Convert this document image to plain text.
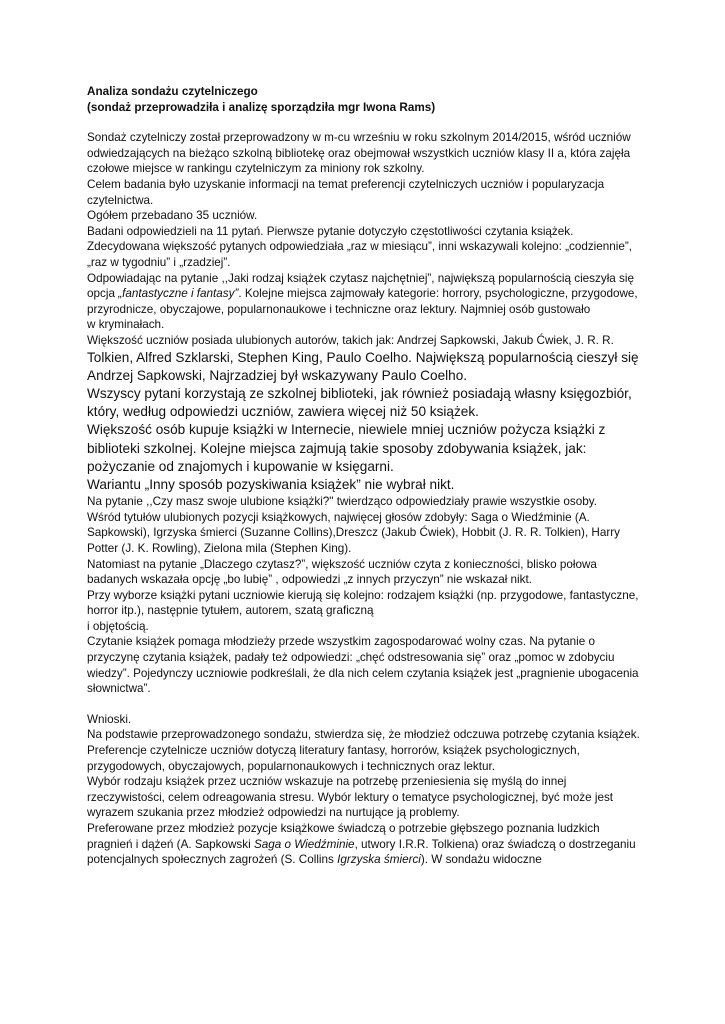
Analiza sondażu czytelniczego

(sondaż przeprowadziła i analizę sporządziła mgr Iwona Rams)

Sondaż czytelniczy został przeprowadzony w m-cu wrześniu w roku szkolnym 2014/2015, wśród uczniów odwiedzających na bieżąco szkolną bibliotekę oraz obejmował wszystkich uczniów klasy II a, która zajęła czołowe miejsce w rankingu czytelniczym za miniony rok szkolny.

Celem badania było uzyskanie informacji na temat preferencji czytelniczych uczniów i popularyzacja czytelnictwa.

Ogółem przebadano 35 uczniów.

Badani odpowiedzieli na 11 pytań. Pierwsze pytanie dotyczyło częstotliwości czytania książek.

Zdecydowana większość pytanych odpowiedziała „raz w miesiącu”, inni wskazywali kolejno: „codziennie”, „raz w tygodniu” i „rzadziej”.

Odpowiadając na pytanie ,,Jaki rodzaj książek czytasz najchętniej”, największą popularnością cieszyła się opcja „fantastyczne i fantasy”. Kolejne miejsca zajmowały kategorie: horrory, psychologiczne, przygodowe, przyrodnicze, obyczajowe, popularnonaukowe i techniczne oraz lektury. Najmniej osób gustowało

w kryminałach.

Większość uczniów posiada ulubionych autorów, takich jak: Andrzej Sapkowski, Jakub Ćwiek, J. R. R.

Tolkien, Alfred Szklarski, Stephen King, Paulo Coelho. Największą popularnością cieszył się Andrzej Sapkowski, Najrzadziej był wskazywany Paulo Coelho.

Wszyscy pytani korzystają ze szkolnej biblioteki, jak również posiadają własny księgozbiór, który, według odpowiedzi uczniów, zawiera więcej niż 50 książek.

Większość osób kupuje książki w Internecie, niewiele mniej uczniów pożycza książki z biblioteki szkolnej. Kolejne miejsca zajmują takie sposoby zdobywania książek, jak: pożyczanie od znajomych i kupowanie w księgarni.

Wariantu „Inny sposób pozyskiwania książek” nie wybrał nikt.

Na pytanie ,,Czy masz swoje ulubione książki?" twierdząco odpowiedziały prawie wszystkie osoby.

Wśród tytułów ulubionych pozycji książkowych, najwięcej głosów zdobyły: Saga o Wiedźminie (A. Sapkowski), Igrzyska śmierci (Suzanne Collins),Dreszcz (Jakub Ćwiek), Hobbit (J. R. R. Tolkien), Harry Potter (J. K. Rowling), Zielona mila (Stephen King).

Natomiast na pytanie „Dlaczego czytasz?”, większość uczniów czyta z konieczności, blisko połowa badanych wskazała opcję „bo lubię” , odpowiedzi „z innych przyczyn” nie wskazał nikt.

Przy wyborze książki pytani uczniowie kierują się kolejno: rodzajem książki (np. przygodowe, fantastyczne, horror itp.), następnie tytułem, autorem, szatą graficzną

i objętością.

Czytanie książek pomaga młodzieży przede wszystkim zagospodarować wolny czas. Na pytanie o przyczynę czytania książek, padały też odpowiedzi: „chęć odstresowania się” oraz „pomoc w zdobyciu wiedzy”. Pojedynczy uczniowie podkreślali, że dla nich celem czytania książek jest „pragnienie ubogacenia słownictwa”.

Wnioski.

Na podstawie przeprowadzonego sondażu, stwierdza się, że młodzież odczuwa potrzebę czytania książek.

Preferencje czytelnicze uczniów dotyczą literatury fantasy, horrorów, książek psychologicznych, przygodowych, obyczajowych, popularnonaukowych i technicznych oraz lektur.

Wybór rodzaju książek przez uczniów wskazuje na potrzebę przeniesienia się myślą do innej rzeczywistości, celem odreagowania stresu. Wybór lektury o tematyce psychologicznej, być może jest wyrazem szukania przez młodzież odpowiedzi na nurtujące ją problemy.

Preferowane przez młodzież pozycje książkowe świadczą o potrzebie głębszego poznania ludzkich pragnień i dążeń (A. Sapkowski Saga o Wiedźminie, utwory I.R.R. Tolkiena) oraz świadczą o dostrzeganiu potencjalnych społecznych zagrożeń (S. Collins Igrzyska śmierci). W sondażu widoczne
